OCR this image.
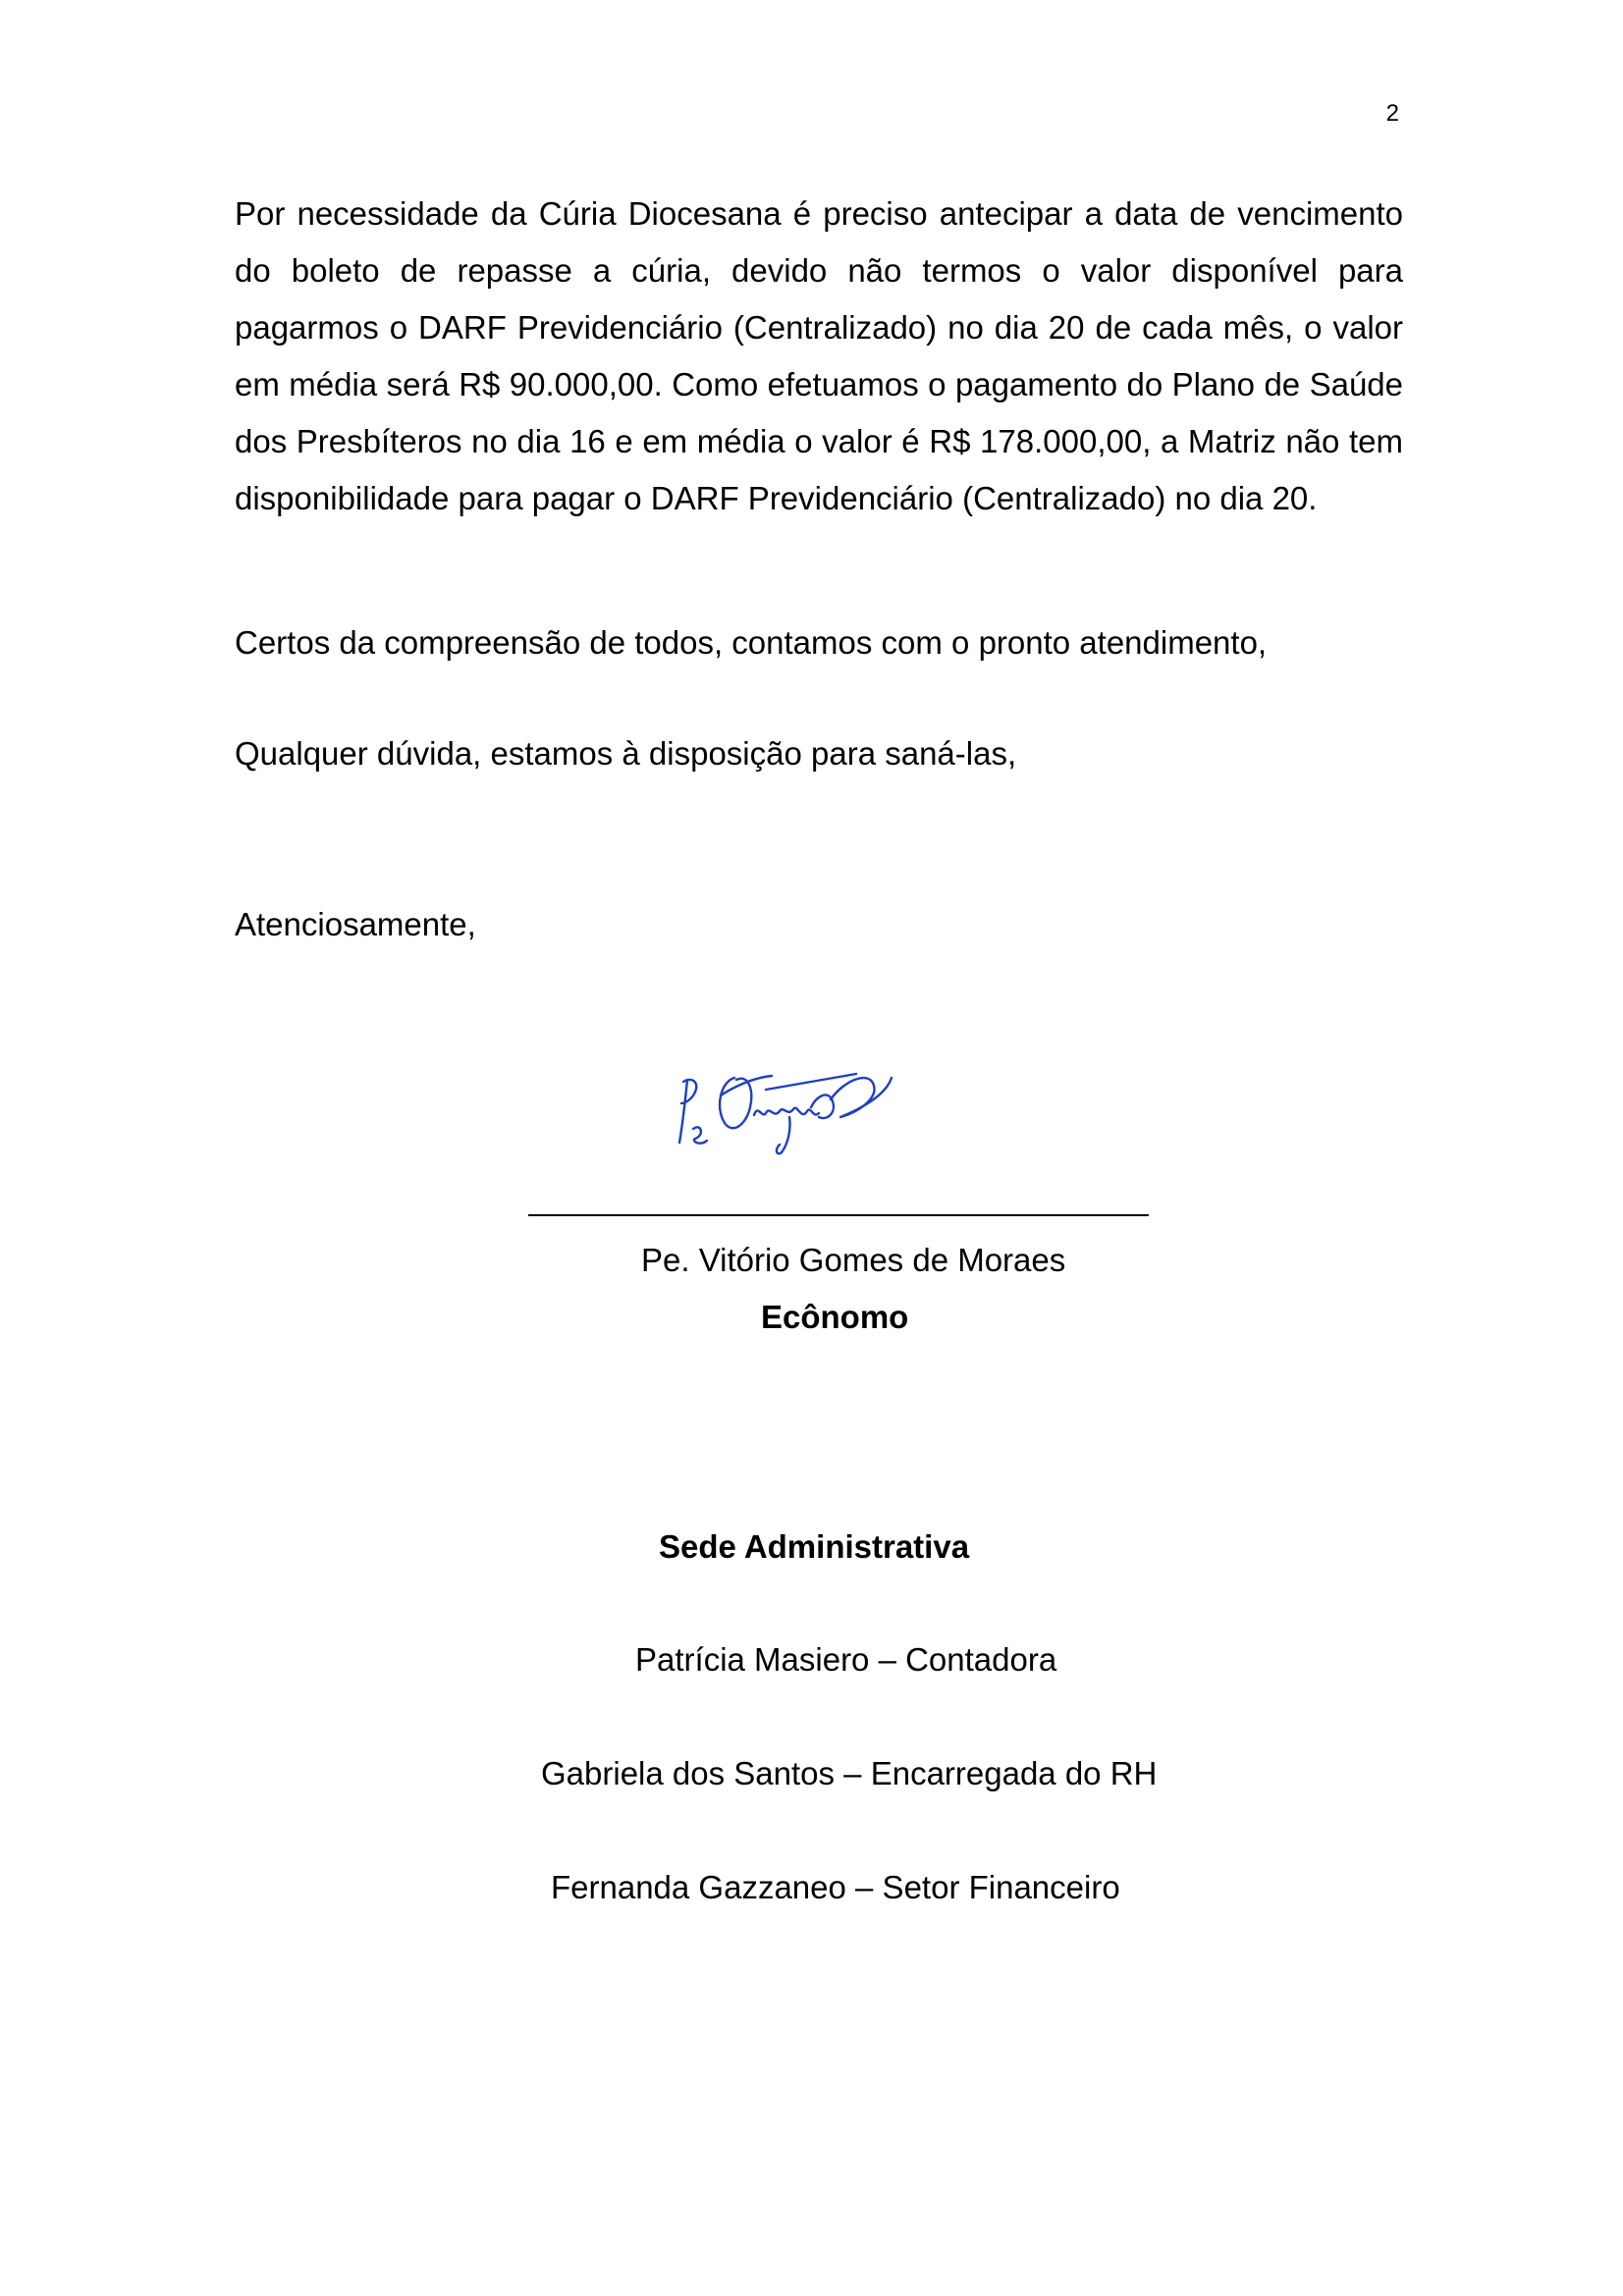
2
Por necessidade da Cúria Diocesana é preciso antecipar a data de vencimento do boleto de repasse a cúria, devido não termos o valor disponível para pagarmos o DARF Previdenciário (Centralizado) no dia 20 de cada mês, o valor em média será R$ 90.000,00. Como efetuamos o pagamento do Plano de Saúde dos Presbíteros no dia 16 e em média o valor é R$ 178.000,00, a Matriz não tem disponibilidade para pagar o DARF Previdenciário (Centralizado) no dia 20.
Certos da compreensão de todos, contamos com o pronto atendimento,
Qualquer dúvida, estamos à disposição para saná-las,
Atenciosamente,
Pe. Vitório Gomes de Moraes
Ecônomo
Sede Administrativa
Patrícia Masiero – Contadora
Gabriela dos Santos – Encarregada do RH
Fernanda Gazzaneo – Setor Financeiro
